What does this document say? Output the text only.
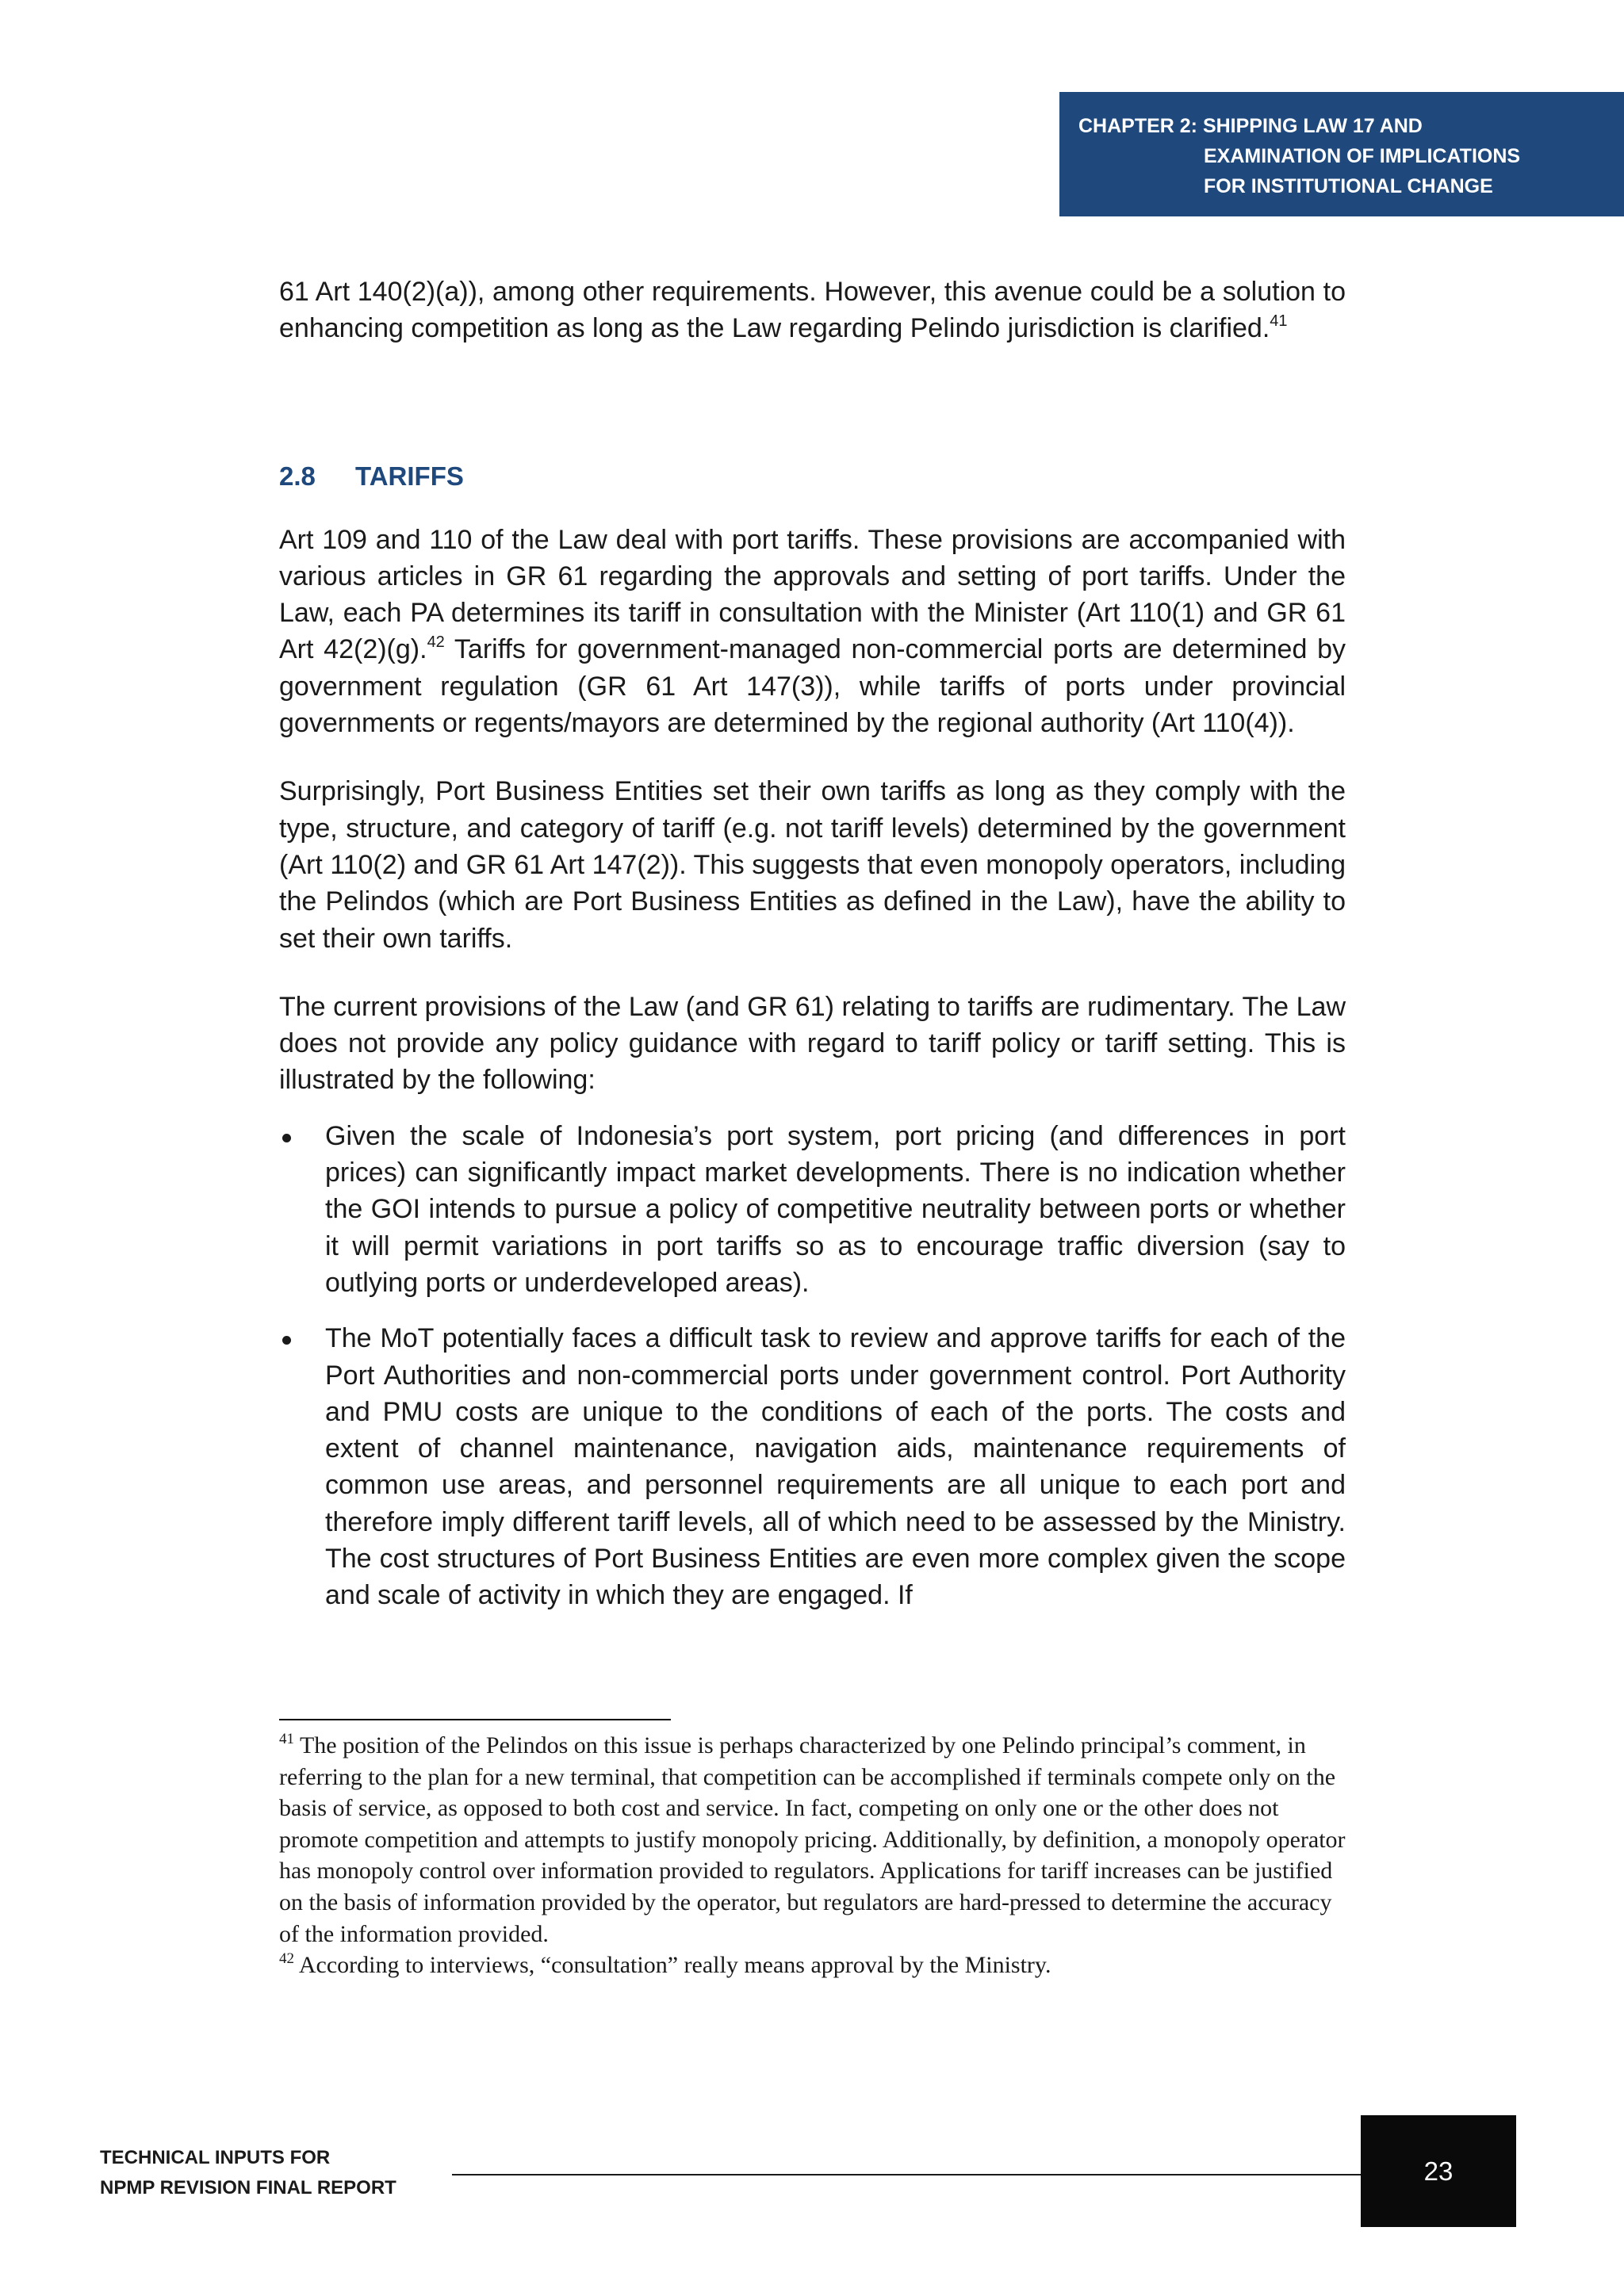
CHAPTER 2: SHIPPING LAW 17 AND
EXAMINATION OF IMPLICATIONS
FOR INSTITUTIONAL CHANGE

61 Art 140(2)(a)), among other requirements. However, this avenue could be a solution to enhancing competition as long as the Law regarding Pelindo jurisdiction is clarified.$^{41}$

2.8 TARIFFS

Art 109 and 110 of the Law deal with port tariffs. These provisions are accompanied with various articles in GR 61 regarding the approvals and setting of port tariffs. Under the Law, each PA determines its tariff in consultation with the Minister (Art 110(1) and GR 61 Art 42(2)(g).$^{42}$ Tariffs for government-managed non-commercial ports are determined by government regulation (GR 61 Art 147(3)), while tariffs of ports under provincial governments or regents/mayors are determined by the regional authority (Art 110(4)).

Surprisingly, Port Business Entities set their own tariffs as long as they comply with the type, structure, and category of tariff (e.g. not tariff levels) determined by the government (Art 110(2) and GR 61 Art 147(2)). This suggests that even monopoly operators, including the Pelindos (which are Port Business Entities as defined in the Law), have the ability to set their own tariffs.

The current provisions of the Law (and GR 61) relating to tariffs are rudimentary. The Law does not provide any policy guidance with regard to tariff policy or tariff setting. This is illustrated by the following:

Given the scale of Indonesia’s port system, port pricing (and differences in port prices) can significantly impact market developments. There is no indication whether the GOI intends to pursue a policy of competitive neutrality between ports or whether it will permit variations in port tariffs so as to encourage traffic diversion (say to outlying ports or underdeveloped areas).
The MoT potentially faces a difficult task to review and approve tariffs for each of the Port Authorities and non-commercial ports under government control. Port Authority and PMU costs are unique to the conditions of each of the ports. The costs and extent of channel maintenance, navigation aids, maintenance requirements of common use areas, and personnel requirements are all unique to each port and therefore imply different tariff levels, all of which need to be assessed by the Ministry. The cost structures of Port Business Entities are even more complex given the scope and scale of activity in which they are engaged. If

$^{41}$ The position of the Pelindos on this issue is perhaps characterized by one Pelindo principal’s comment, in referring to the plan for a new terminal, that competition can be accomplished if terminals compete only on the basis of service, as opposed to both cost and service. In fact, competing on only one or the other does not promote competition and attempts to justify monopoly pricing. Additionally, by definition, a monopoly operator has monopoly control over information provided to regulators. Applications for tariff increases can be justified on the basis of information provided by the operator, but regulators are hard-pressed to determine the accuracy of the information provided.

$^{42}$ According to interviews, “consultation” really means approval by the Ministry.

TECHNICAL INPUTS FOR
NPMP REVISION FINAL REPORT
23
